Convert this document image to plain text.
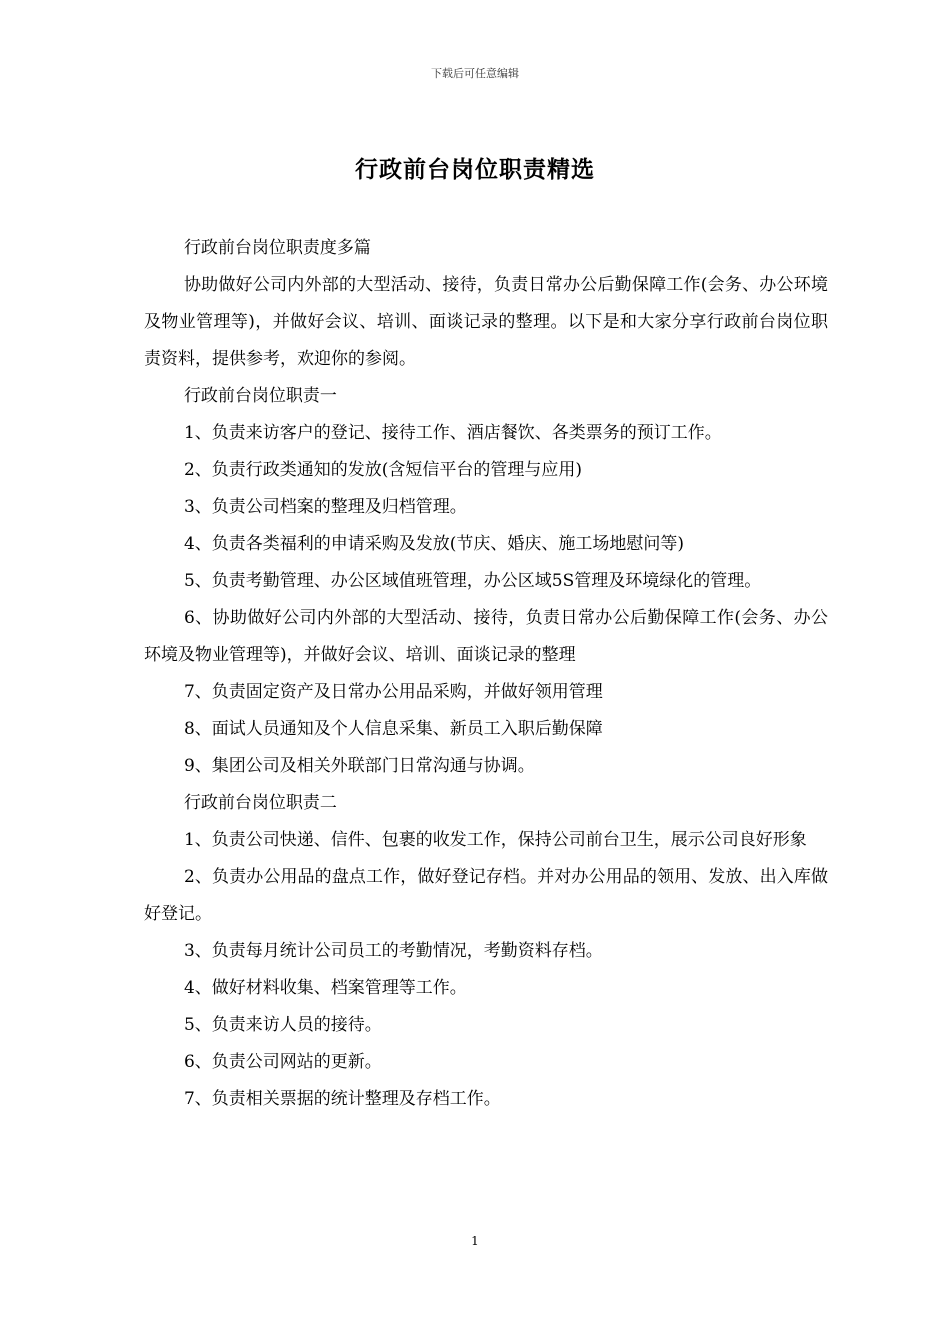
下载后可任意编辑
行政前台岗位职责精选

行政前台岗位职责度多篇

协助做好公司内外部的大型活动、接待，负责日常办公后勤保障工作(会务、办公环境及物业管理等)，并做好会议、培训、面谈记录的整理。以下是和大家分享行政前台岗位职责资料，提供参考，欢迎你的参阅。

行政前台岗位职责一

1、负责来访客户的登记、接待工作、酒店餐饮、各类票务的预订工作。

2、负责行政类通知的发放(含短信平台的管理与应用)

3、负责公司档案的整理及归档管理。

4、负责各类福利的申请采购及发放(节庆、婚庆、施工场地慰问等)

5、负责考勤管理、办公区域值班管理，办公区域5S管理及环境绿化的管理。

6、协助做好公司内外部的大型活动、接待，负责日常办公后勤保障工作(会务、办公环境及物业管理等)，并做好会议、培训、面谈记录的整理

7、负责固定资产及日常办公用品采购，并做好领用管理

8、面试人员通知及个人信息采集、新员工入职后勤保障

9、集团公司及相关外联部门日常沟通与协调。

行政前台岗位职责二

1、负责公司快递、信件、包裹的收发工作，保持公司前台卫生，展示公司良好形象

2、负责办公用品的盘点工作，做好登记存档。并对办公用品的领用、发放、出入库做好登记。

3、负责每月统计公司员工的考勤情况，考勤资料存档。

4、做好材料收集、档案管理等工作。

5、负责来访人员的接待。

6、负责公司网站的更新。

7、负责相关票据的统计整理及存档工作。

1
